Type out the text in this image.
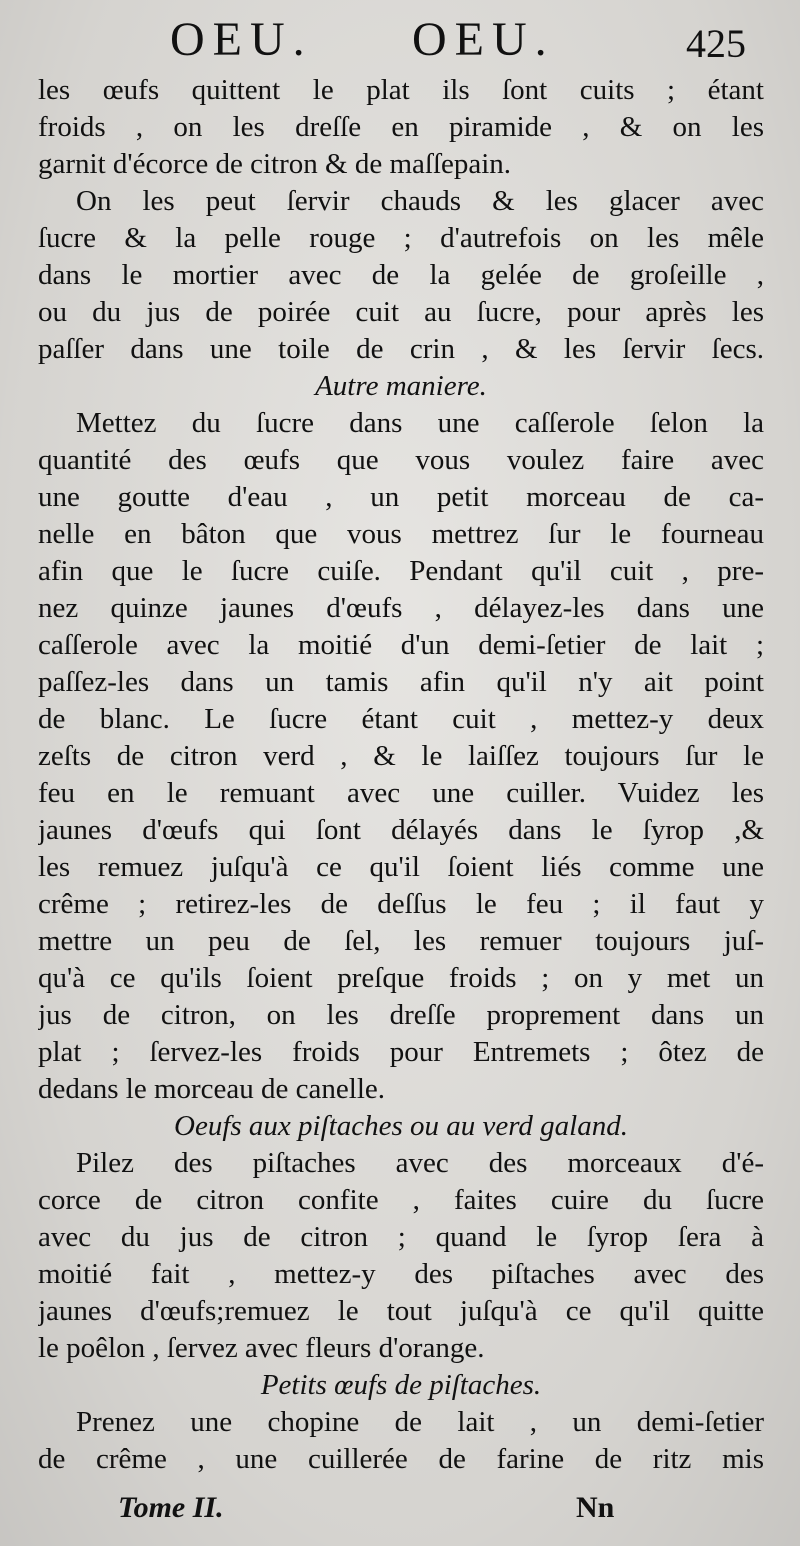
OEU. OEU.	425
les œufs quittent le plat ils ſont cuits ; étant
froids , on les dreſſe en piramide , & on les
garnit d'écorce de citron & de maſſepain.
On les peut ſervir chauds & les glacer avec
ſucre & la pelle rouge ; d'autrefois on les mêle
dans le mortier avec de la gelée de groſeille ,
ou du jus de poirée cuit au ſucre, pour après les
paſſer dans une toile de crin , & les ſervir ſecs.
Autre maniere.
Mettez du ſucre dans une caſſerole ſelon la
quantité des œufs que vous voulez faire avec
une goutte d'eau , un petit morceau de ca-
nelle en bâton que vous mettrez ſur le fourneau
afin que le ſucre cuiſe. Pendant qu'il cuit , pre-
nez quinze jaunes d'œufs , délayez-les dans une
caſſerole avec la moitié d'un demi-ſetier de lait ;
paſſez-les dans un tamis afin qu'il n'y ait point
de blanc. Le ſucre étant cuit , mettez-y deux
zeſts de citron verd , & le laiſſez toujours ſur le
feu en le remuant avec une cuiller. Vuidez les
jaunes d'œufs qui ſont délayés dans le ſyrop ,&
les remuez juſqu'à ce qu'il ſoient liés comme une
crême ; retirez-les de deſſus le feu ; il faut y
mettre un peu de ſel, les remuer toujours juſ-
qu'à ce qu'ils ſoient preſque froids ; on y met un
jus de citron, on les dreſſe proprement dans un
plat ; ſervez-les froids pour Entremets ; ôtez de
dedans le morceau de canelle.
Oeufs aux piſtaches ou au verd galand.
Pilez des piſtaches avec des morceaux d'é-
corce de citron confite , faites cuire du ſucre
avec du jus de citron ; quand le ſyrop ſera à
moitié fait , mettez-y des piſtaches avec des
jaunes d'œufs;remuez le tout juſqu'à ce qu'il quitte
le poêlon , ſervez avec fleurs d'orange.
Petits œufs de piſtaches.
Prenez une chopine de lait , un demi-ſetier
de crême , une cuillerée de farine de ritz mis
Tome II.	Nn
